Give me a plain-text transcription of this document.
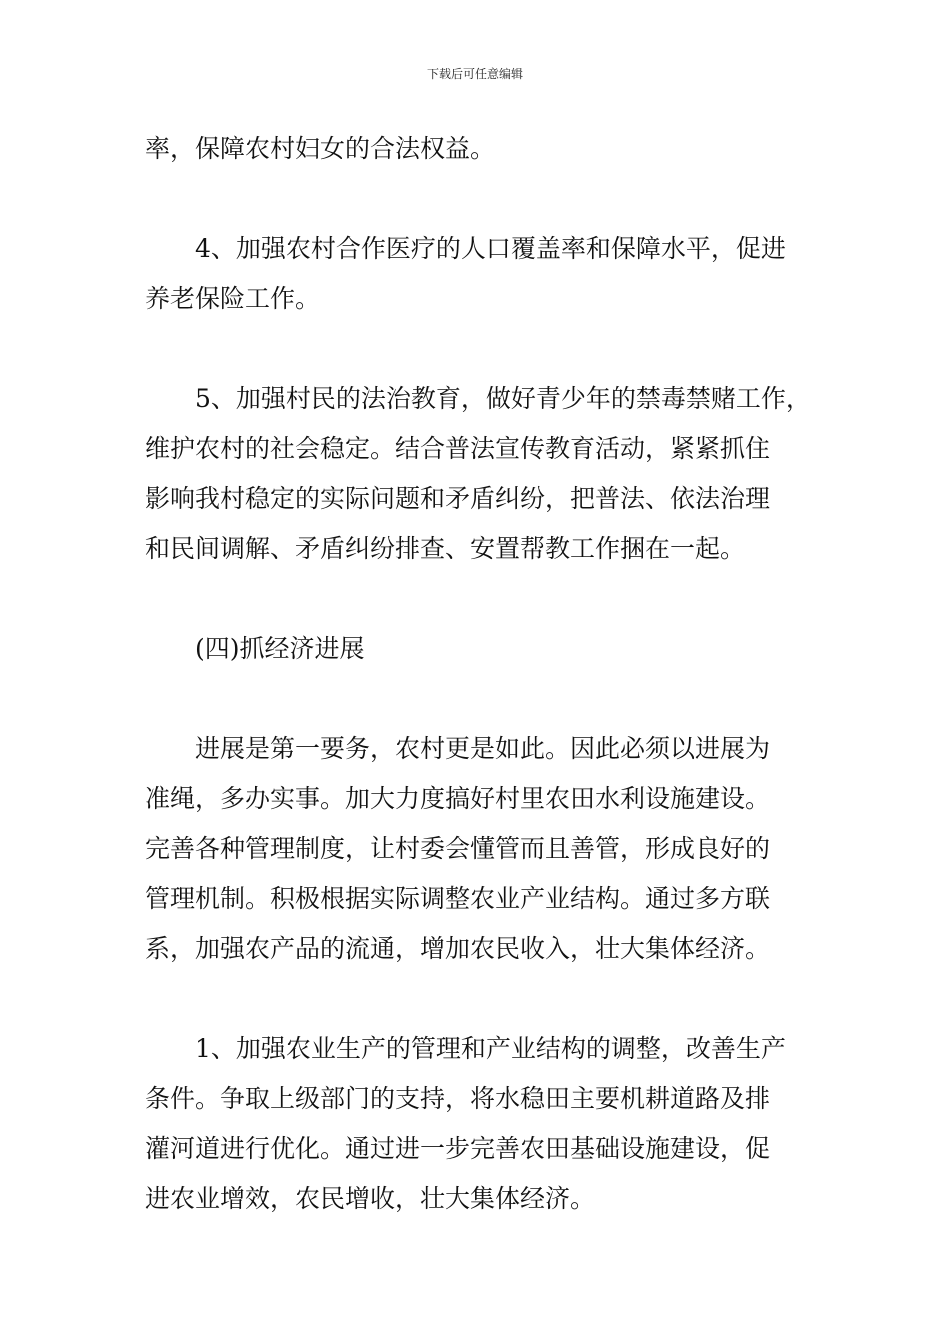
下载后可任意编辑
率，保障农村妇女的合法权益。
4、加强农村合作医疗的人口覆盖率和保障水平，促进
养老保险工作。
5、加强村民的法治教育，做好青少年的禁毒禁赌工作，
维护农村的社会稳定。结合普法宣传教育活动，紧紧抓住
影响我村稳定的实际问题和矛盾纠纷，把普法、依法治理
和民间调解、矛盾纠纷排查、安置帮教工作捆在一起。
(四)抓经济进展
进展是第一要务，农村更是如此。因此必须以进展为
准绳，多办实事。加大力度搞好村里农田水利设施建设。
完善各种管理制度，让村委会懂管而且善管，形成良好的
管理机制。积极根据实际调整农业产业结构。通过多方联
系，加强农产品的流通，增加农民收入，壮大集体经济。
1、加强农业生产的管理和产业结构的调整，改善生产
条件。争取上级部门的支持，将水稳田主要机耕道路及排
灌河道进行优化。通过进一步完善农田基础设施建设，促
进农业增效，农民增收，壮大集体经济。
